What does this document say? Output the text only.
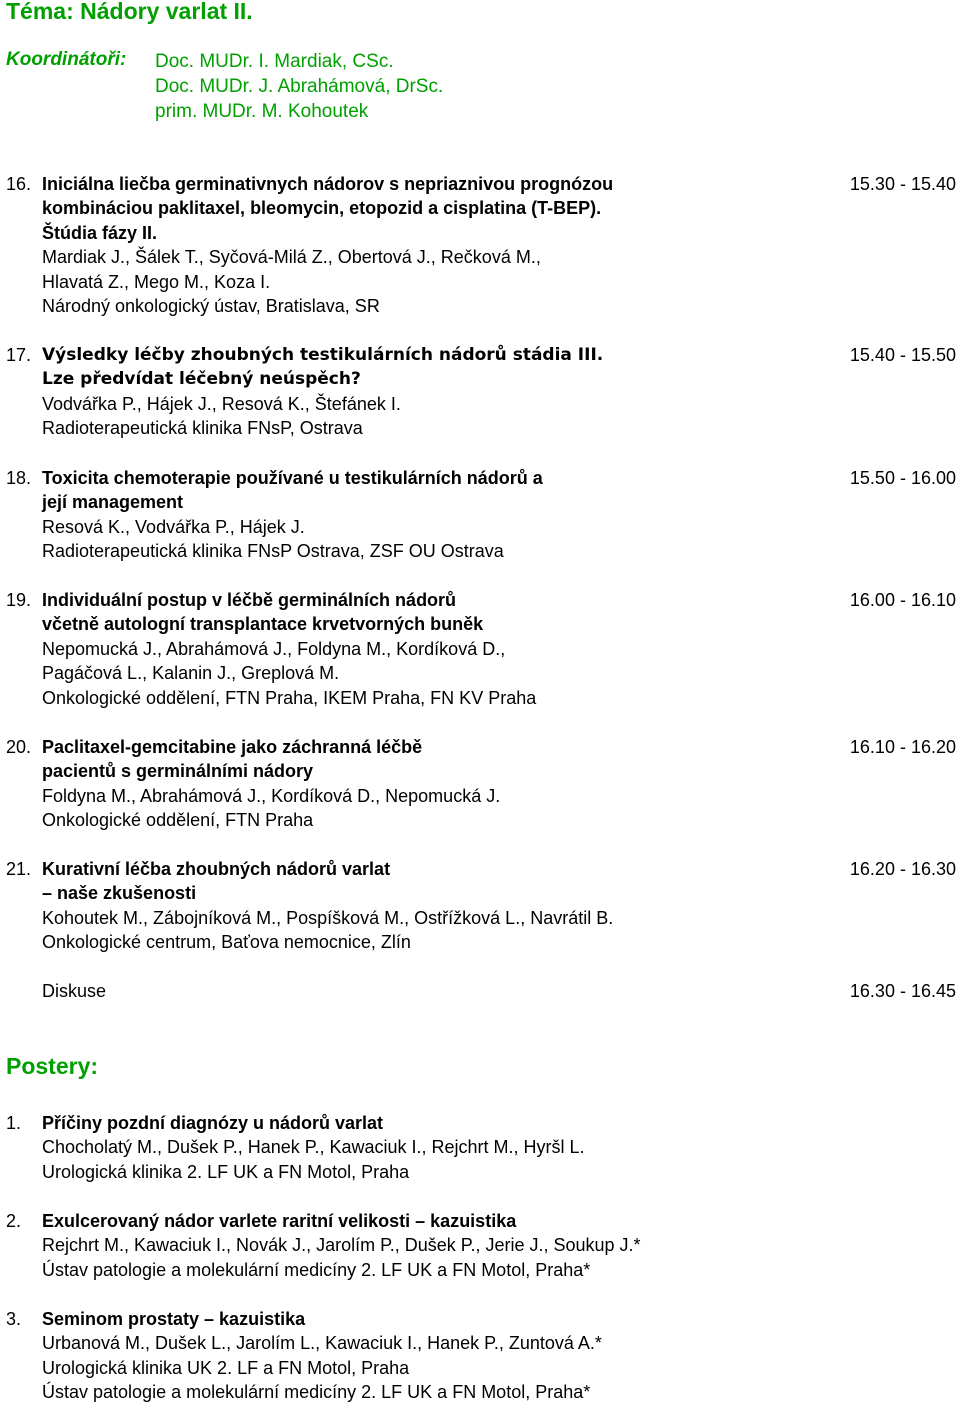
Téma: Nádory varlat II.
Koordinátoři: Doc. MUDr. I. Mardiak, CSc.
Doc. MUDr. J. Abrahámová, DrSc.
prim. MUDr. M. Kohoutek
16. Iniciálna liečba germinativnych nádorov s nepriaznivou prognózou
kombináciou paklitaxel, bleomycin, etopozid a cisplatina (T-BEP).
Štúdia fázy II.
Mardiak J., Šálek T., Syčová-Milá Z., Obertová J., Rečková M.,
Hlavatá Z., Mego M., Koza I.
Národný onkologický ústav, Bratislava, SR
15.30 - 15.40
17. Výsledky léčby zhoubných testikulárních nádorů stádia III.
Lze předvídat léčebný neúspěch?
Vodvářka P., Hájek J., Resová K., Štefánek I.
Radioterapeutická klinika FNsP, Ostrava
15.40 - 15.50
18. Toxicita chemoterapie používané u testikulárních nádorů a
její management
Resová K., Vodvářka P., Hájek J.
Radioterapeutická klinika FNsP Ostrava, ZSF OU Ostrava
15.50 - 16.00
19. Individuální postup v léčbě germinálních nádorů
včetně autologní transplantace krvetvorných buněk
Nepomucká J., Abrahámová J., Foldyna M., Kordíková D.,
Pagáčová L., Kalanin J., Greplová M.
Onkologické oddělení, FTN Praha, IKEM Praha, FN KV Praha
16.00 - 16.10
20. Paclitaxel-gemcitabine jako záchranná léčbě
pacientů s germinálními nádory
Foldyna M., Abrahámová J., Kordíková D., Nepomucká J.
Onkologické oddělení, FTN Praha
16.10 - 16.20
21. Kurativní léčba zhoubných nádorů varlat
– naše zkušenosti
Kohoutek M., Zábojníková M., Pospíšková M., Ostřížková L., Navrátil B.
Onkologické centrum, Baťova nemocnice, Zlín
16.20 - 16.30
Diskuse	16.30 - 16.45
Postery:
1. Příčiny pozdní diagnózy u nádorů varlat
Chocholatý M., Dušek P., Hanek P., Kawaciuk I., Rejchrt M., Hyršl L.
Urologická klinika 2. LF UK a FN Motol, Praha
2. Exulcerovaný nádor varlete raritní velikosti – kazuistika
Rejchrt M., Kawaciuk I., Novák J., Jarolím P., Dušek P., Jerie J., Soukup J.*
Ústav patologie a molekulární medicíny 2. LF UK a FN Motol, Praha*
3. Seminom prostaty – kazuistika
Urbanová M., Dušek L., Jarolím L., Kawaciuk I., Hanek P., Zuntová A.*
Urologická klinika UK 2. LF a FN Motol, Praha
Ústav patologie a molekulární medicíny 2. LF UK a FN Motol, Praha*
